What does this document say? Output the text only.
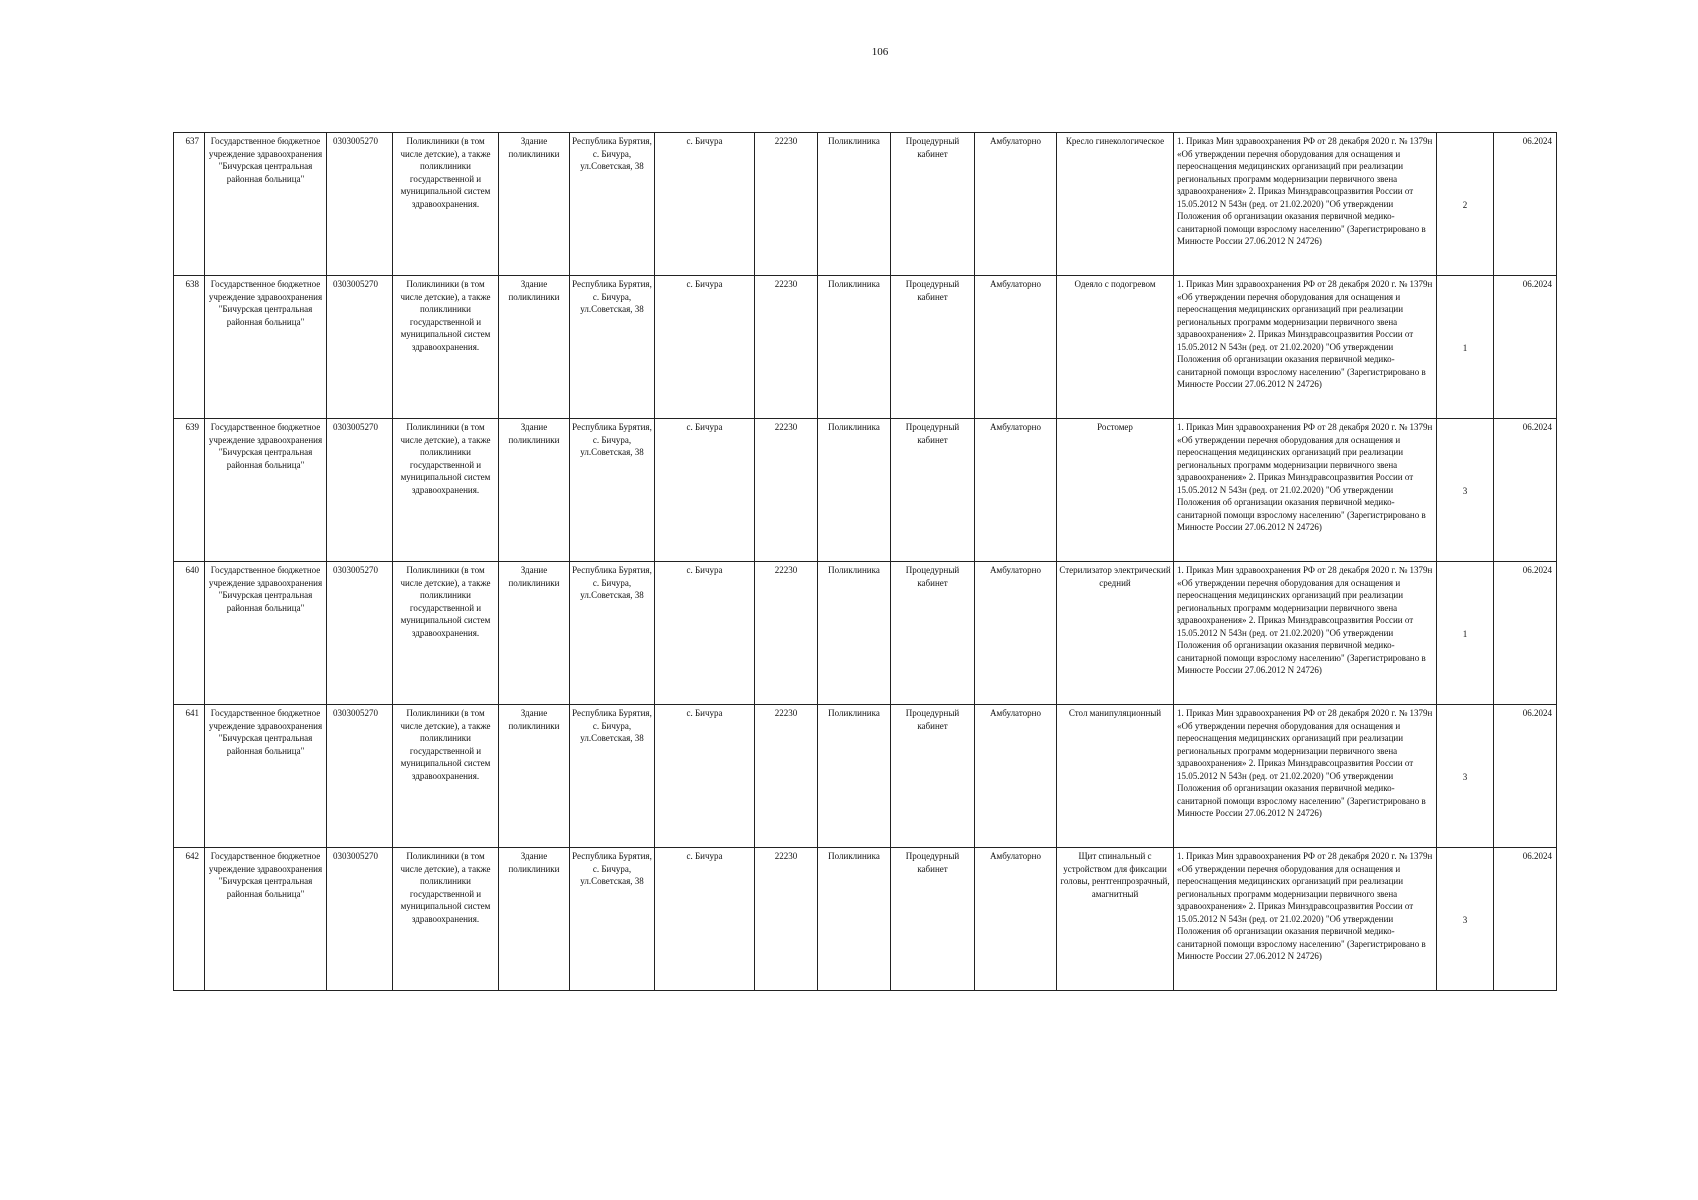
106
637	Государственное бюджетное учреждение здравоохранения "Бичурская центральная районная больница"	0303005270	Поликлиники (в том числе детские), а также поликлиники государственной и муниципальной систем здравоохранения.	Здание поликлиники	Республика Бурятия, с. Бичура, ул.Советская, 38	с. Бичура	22230	Поликлиника	Процедурный кабинет	Амбулаторно	Кресло гинекологическое	1. Приказ Мин здравоохранения РФ от 28 декабря 2020 г. № 1379н «Об утверждении перечня оборудования для оснащения и переоснащения медицинских организаций при реализации региональных программ модернизации первичного звена здравоохранения» 2. Приказ Минздравсоцразвития России от 15.05.2012 N 543н (ред. от 21.02.2020) "Об утверждении Положения об организации оказания первичной медико-санитарной помощи взрослому населению" (Зарегистрировано в Минюсте России 27.06.2012 N 24726)	2	06.2024
638	Государственное бюджетное учреждение здравоохранения "Бичурская центральная районная больница"	0303005270	Поликлиники (в том числе детские), а также поликлиники государственной и муниципальной систем здравоохранения.	Здание поликлиники	Республика Бурятия, с. Бичура, ул.Советская, 38	с. Бичура	22230	Поликлиника	Процедурный кабинет	Амбулаторно	Одеяло с подогревом	1. Приказ Мин здравоохранения РФ от 28 декабря 2020 г. № 1379н «Об утверждении перечня оборудования для оснащения и переоснащения медицинских организаций при реализации региональных программ модернизации первичного звена здравоохранения» 2. Приказ Минздравсоцразвития России от 15.05.2012 N 543н (ред. от 21.02.2020) "Об утверждении Положения об организации оказания первичной медико-санитарной помощи взрослому населению" (Зарегистрировано в Минюсте России 27.06.2012 N 24726)	1	06.2024
639	Государственное бюджетное учреждение здравоохранения "Бичурская центральная районная больница"	0303005270	Поликлиники (в том числе детские), а также поликлиники государственной и муниципальной систем здравоохранения.	Здание поликлиники	Республика Бурятия, с. Бичура, ул.Советская, 38	с. Бичура	22230	Поликлиника	Процедурный кабинет	Амбулаторно	Ростомер	1. Приказ Мин здравоохранения РФ от 28 декабря 2020 г. № 1379н «Об утверждении перечня оборудования для оснащения и переоснащения медицинских организаций при реализации региональных программ модернизации первичного звена здравоохранения» 2. Приказ Минздравсоцразвития России от 15.05.2012 N 543н (ред. от 21.02.2020) "Об утверждении Положения об организации оказания первичной медико-санитарной помощи взрослому населению" (Зарегистрировано в Минюсте России 27.06.2012 N 24726)	3	06.2024
640	Государственное бюджетное учреждение здравоохранения "Бичурская центральная районная больница"	0303005270	Поликлиники (в том числе детские), а также поликлиники государственной и муниципальной систем здравоохранения.	Здание поликлиники	Республика Бурятия, с. Бичура, ул.Советская, 38	с. Бичура	22230	Поликлиника	Процедурный кабинет	Амбулаторно	Стерилизатор электрический средний	1. Приказ Мин здравоохранения РФ от 28 декабря 2020 г. № 1379н «Об утверждении перечня оборудования для оснащения и переоснащения медицинских организаций при реализации региональных программ модернизации первичного звена здравоохранения» 2. Приказ Минздравсоцразвития России от 15.05.2012 N 543н (ред. от 21.02.2020) "Об утверждении Положения об организации оказания первичной медико-санитарной помощи взрослому населению" (Зарегистрировано в Минюсте России 27.06.2012 N 24726)	1	06.2024
641	Государственное бюджетное учреждение здравоохранения "Бичурская центральная районная больница"	0303005270	Поликлиники (в том числе детские), а также поликлиники государственной и муниципальной систем здравоохранения.	Здание поликлиники	Республика Бурятия, с. Бичура, ул.Советская, 38	с. Бичура	22230	Поликлиника	Процедурный кабинет	Амбулаторно	Стол манипуляционный	1. Приказ Мин здравоохранения РФ от 28 декабря 2020 г. № 1379н «Об утверждении перечня оборудования для оснащения и переоснащения медицинских организаций при реализации региональных программ модернизации первичного звена здравоохранения» 2. Приказ Минздравсоцразвития России от 15.05.2012 N 543н (ред. от 21.02.2020) "Об утверждении Положения об организации оказания первичной медико-санитарной помощи взрослому населению" (Зарегистрировано в Минюсте России 27.06.2012 N 24726)	3	06.2024
642	Государственное бюджетное учреждение здравоохранения "Бичурская центральная районная больница"	0303005270	Поликлиники (в том числе детские), а также поликлиники государственной и муниципальной систем здравоохранения.	Здание поликлиники	Республика Бурятия, с. Бичура, ул.Советская, 38	с. Бичура	22230	Поликлиника	Процедурный кабинет	Амбулаторно	Щит спинальный с устройством для фиксации головы, рентгенпрозрачный, амагнитный	1. Приказ Мин здравоохранения РФ от 28 декабря 2020 г. № 1379н «Об утверждении перечня оборудования для оснащения и переоснащения медицинских организаций при реализации региональных программ модернизации первичного звена здравоохранения» 2. Приказ Минздравсоцразвития России от 15.05.2012 N 543н (ред. от 21.02.2020) "Об утверждении Положения об организации оказания первичной медико-санитарной помощи взрослому населению" (Зарегистрировано в Минюсте России 27.06.2012 N 24726)	3	06.2024
